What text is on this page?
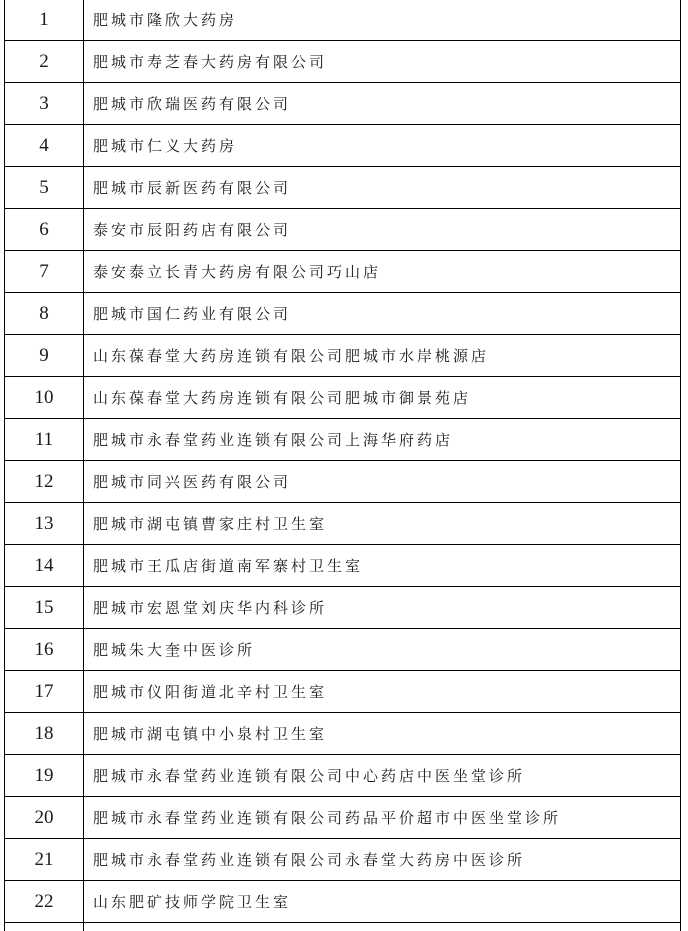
1	肥城市隆欣大药房
2	肥城市寿芝春大药房有限公司
3	肥城市欣瑞医药有限公司
4	肥城市仁义大药房
5	肥城市辰新医药有限公司
6	泰安市辰阳药店有限公司
7	泰安泰立长青大药房有限公司巧山店
8	肥城市国仁药业有限公司
9	山东葆春堂大药房连锁有限公司肥城市水岸桃源店
10	山东葆春堂大药房连锁有限公司肥城市御景苑店
11	肥城市永春堂药业连锁有限公司上海华府药店
12	肥城市同兴医药有限公司
13	肥城市湖屯镇曹家庄村卫生室
14	肥城市王瓜店街道南军寨村卫生室
15	肥城市宏恩堂刘庆华内科诊所
16	肥城朱大奎中医诊所
17	肥城市仪阳街道北辛村卫生室
18	肥城市湖屯镇中小泉村卫生室
19	肥城市永春堂药业连锁有限公司中心药店中医坐堂诊所
20	肥城市永春堂药业连锁有限公司药品平价超市中医坐堂诊所
21	肥城市永春堂药业连锁有限公司永春堂大药房中医诊所
22	山东肥矿技师学院卫生室
